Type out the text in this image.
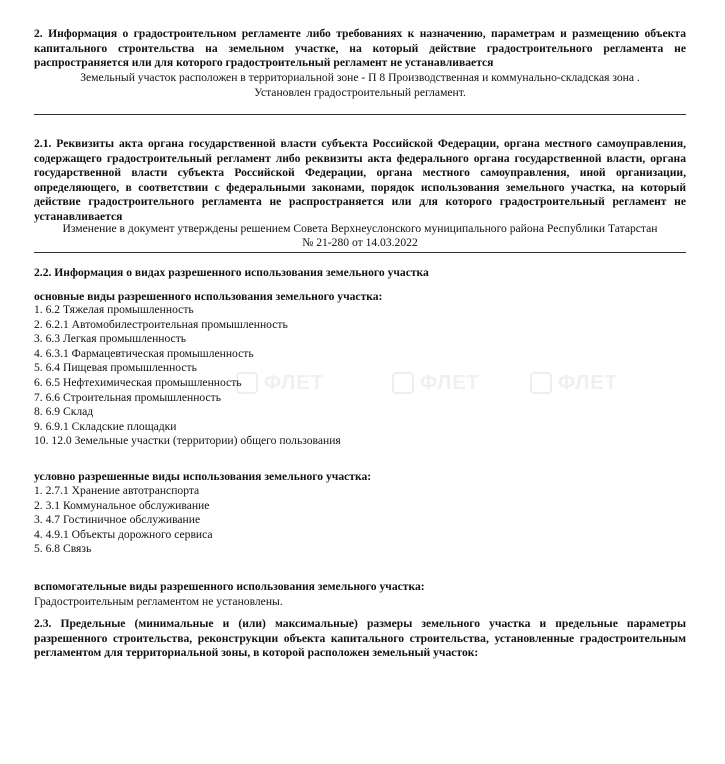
ФЛЕТ	ФЛЕТ	ФЛЕТ
2. Информация о градостроительном регламенте либо требованиях к назначению, параметрам и размещению объекта капитального строительства на земельном участке, на который действие градостроительного регламента не распространяется или для которого градостроительный регламент не устанавливается
Земельный участок расположен в территориальной зоне - П 8 Производственная и коммунально-складская зона .
Установлен градостроительный регламент.
2.1. Реквизиты акта органа государственной власти субъекта Российской Федерации, органа местного самоуправления, содержащего градостроительный регламент либо реквизиты акта федерального органа государственной власти, органа государственной власти субъекта Российской Федерации, органа местного самоуправления, иной организации, определяющего, в соответствии с федеральными законами, порядок использования земельного участка, на который действие градостроительного регламента не распространяется или для которого градостроительный регламент не устанавливается
Изменение в документ утверждены решением Совета Верхнеуслонского муниципального района Республики Татарстан
№ 21-280 от 14.03.2022
2.2. Информация о видах разрешенного использования земельного участка
основные виды разрешенного использования земельного участка:
1. 6.2 Тяжелая промышленность
2. 6.2.1 Автомобилестроительная промышленность
3. 6.3 Легкая промышленность
4. 6.3.1 Фармацевтическая промышленность
5. 6.4 Пищевая промышленность
6. 6.5 Нефтехимическая промышленность
7. 6.6 Строительная промышленность
8. 6.9 Склад
9. 6.9.1 Складские площадки
10. 12.0 Земельные участки (территории) общего пользования
условно разрешенные виды использования земельного участка:
1. 2.7.1 Хранение автотранспорта
2. 3.1 Коммунальное обслуживание
3. 4.7 Гостиничное обслуживание
4. 4.9.1 Объекты дорожного сервиса
5. 6.8 Связь
вспомогательные виды разрешенного использования земельного участка:
Градостроительным регламентом не установлены.
2.3. Предельные (минимальные и (или) максимальные) размеры земельного участка и предельные параметры разрешенного строительства, реконструкции объекта капитального строительства, установленные градостроительным регламентом для территориальной зоны, в которой расположен земельный участок:
